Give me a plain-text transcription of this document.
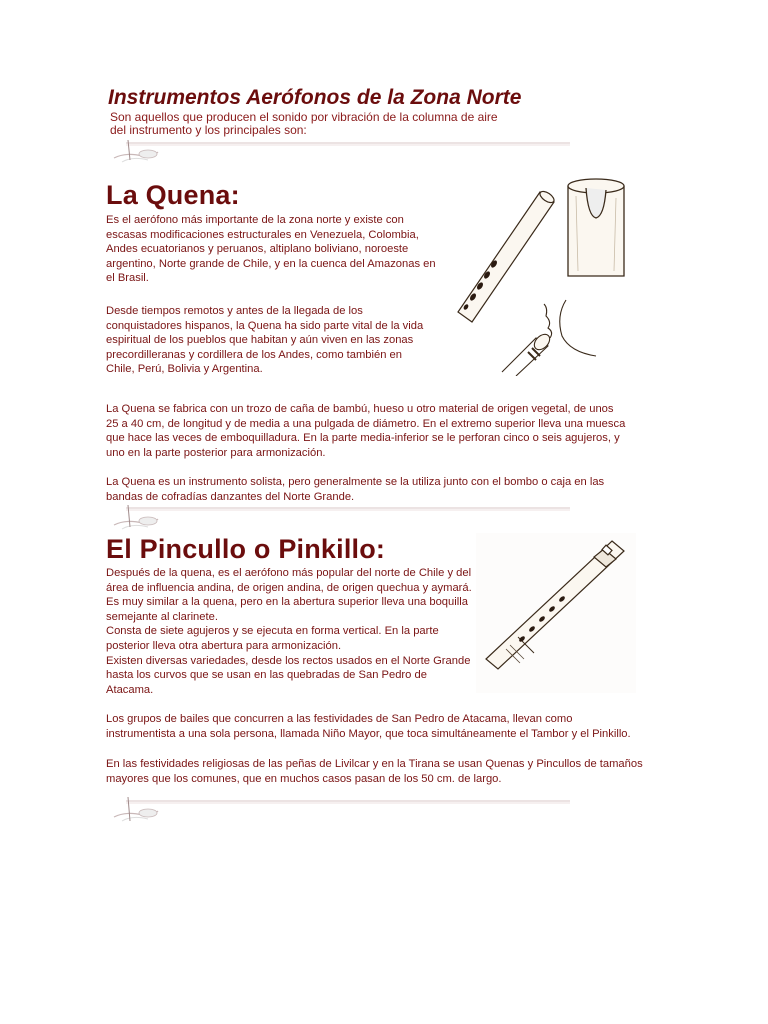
Instrumentos Aerófonos de la Zona Norte
Son aquellos que producen el sonido por vibración de la columna de aire
del instrumento y los principales son:
La Quena:

Es el aerófono más importante de la zona norte y existe con escasas modificaciones estructurales en Venezuela, Colombia, Andes ecuatorianos y peruanos, altiplano boliviano, noroeste argentino, Norte grande de Chile, y en la cuenca del Amazonas en el Brasil.

Desde tiempos remotos y antes de la llegada de los conquistadores hispanos, la Quena ha sido parte vital de la vida espiritual de los pueblos que habitan y aún viven en las zonas precordilleranas y cordillera de los Andes, como también en Chile, Perú, Bolivia y Argentina.

La Quena se fabrica con un trozo de caña de bambú, hueso u otro material de origen vegetal, de unos 25 a 40 cm, de longitud y de media a una pulgada de diámetro. En el extremo superior lleva una muesca que hace las veces de emboquilladura. En la parte media-inferior se le perforan cinco o seis agujeros, y uno en la parte posterior para armonización.

La Quena es un instrumento solista, pero generalmente se la utiliza junto con el bombo o caja en las bandas de cofradías danzantes del Norte Grande.

El Pincullo o Pinkillo:

Después de la quena, es el aerófono más popular del norte de Chile y del área de influencia andina, de origen andina, de origen quechua y aymará. Es muy similar a la quena, pero en la abertura superior lleva una boquilla semejante al clarinete.

Consta de siete agujeros y se ejecuta en forma vertical. En la parte posterior lleva otra abertura para armonización.

Existen diversas variedades, desde los rectos usados en el Norte Grande hasta los curvos que se usan en las quebradas de San Pedro de Atacama.

Los grupos de bailes que concurren a las festividades de San Pedro de Atacama, llevan como instrumentista a una sola persona, llamada Niño Mayor, que toca simultáneamente el Tambor y el Pinkillo.

En las festividades religiosas de las peñas de Livilcar y en la Tirana se usan Quenas y Pincullos de tamaños mayores que los comunes, que en muchos casos pasan de los 50 cm. de largo.
